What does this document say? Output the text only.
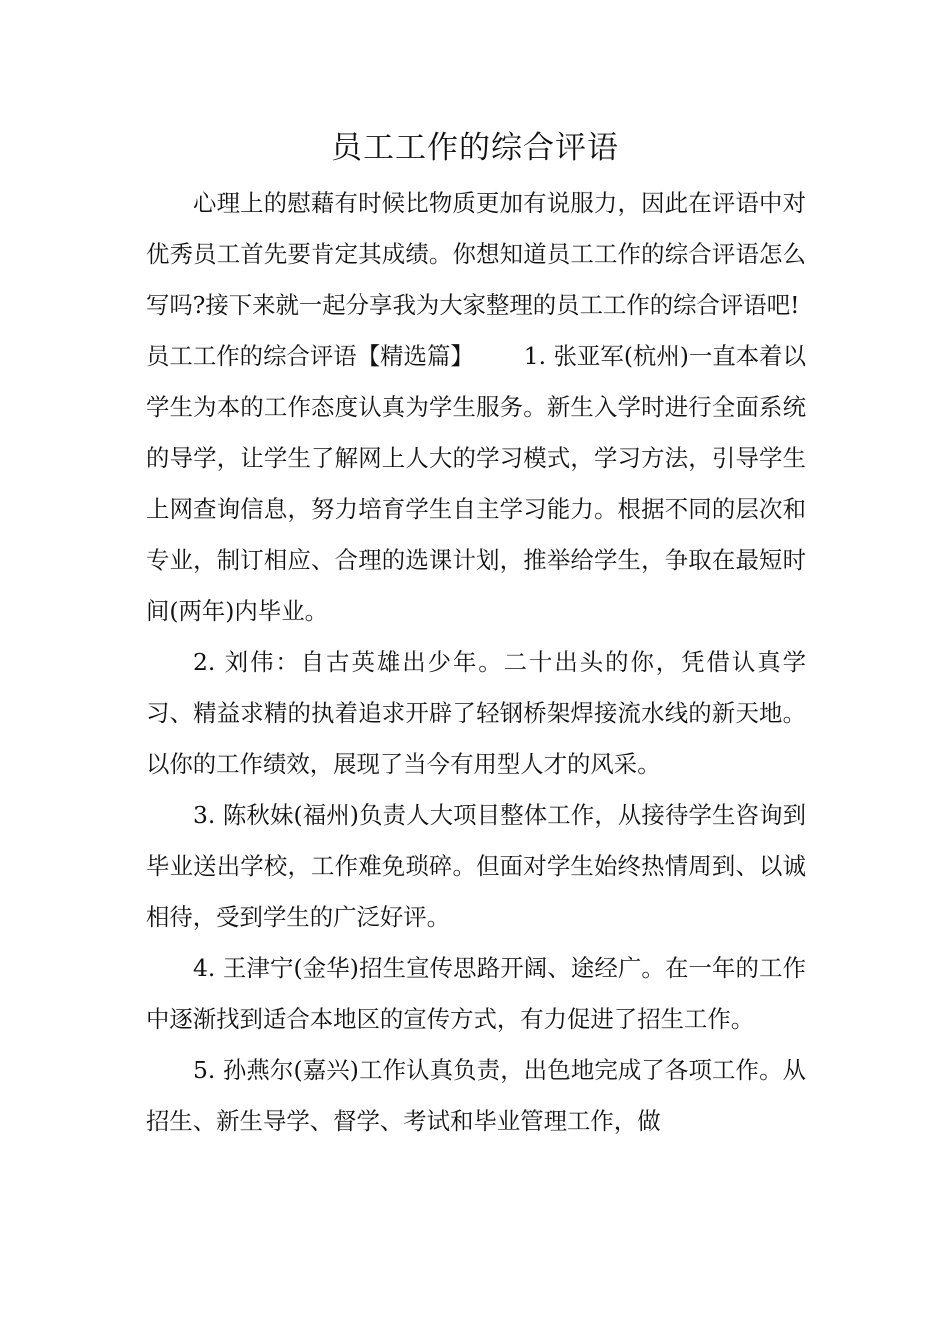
员工工作的综合评语

心理上的慰藉有时候比物质更加有说服力，因此在评语中对优秀员工首先要肯定其成绩。你想知道员工工作的综合评语怎么写吗?接下来就一起分享我为大家整理的员工工作的综合评语吧!

员工工作的综合评语【精选篇】 1. 张亚军(杭州)一直本着以学生为本的工作态度认真为学生服务。新生入学时进行全面系统的导学，让学生了解网上人大的学习模式，学习方法，引导学生上网查询信息，努力培育学生自主学习能力。根据不同的层次和专业，制订相应、合理的选课计划，推举给学生，争取在最短时间(两年)内毕业。

2. 刘伟：自古英雄出少年。二十出头的你，凭借认真学习、精益求精的执着追求开辟了轻钢桥架焊接流水线的新天地。以你的工作绩效，展现了当今有用型人才的风采。

3. 陈秋妹(福州)负责人大项目整体工作，从接待学生咨询到毕业送出学校，工作难免琐碎。但面对学生始终热情周到、以诚相待，受到学生的广泛好评。

4. 王津宁(金华)招生宣传思路开阔、途经广。在一年的工作中逐渐找到适合本地区的宣传方式，有力促进了招生工作。

5. 孙燕尔(嘉兴)工作认真负责，出色地完成了各项工作。从招生、新生导学、督学、考试和毕业管理工作，做
